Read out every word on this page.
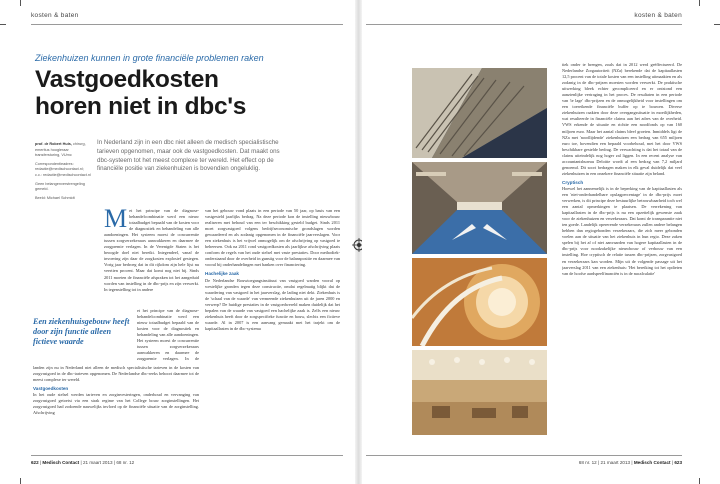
kosten & baten
Ziekenhuizen kunnen in grote financiële problemen raken
Vastgoedkosten
horen niet in dbc's

prof. dr Robert Huis, chirurg, emeritus hoogleraar transfersturing, VUmc

Correspondentieadres: redactie@medischcontact.nl; c.c.: redactie@medischcontact.nl

Geen belangenverstrengeling gemeld.

Beeld: Michael Schmidt

In Nederland zijn in een dbc niet alleen de medisch specialistische tarieven opgenomen, maar ook de vastgoedkosten. Dat maakt ons dbc-systeem tot het meest complexe ter wereld. Het effect op de financiële positie van ziekenhuizen is bovendien ongeluklig.
M et het principe van de diagnose-behandelcombinatie werd een nieuw totaalbudget bepaald van de kosten voor de diagnostiek en behandeling van alle aandoeningen. Het systeem moest de concurrentie tussen zorgverzekeraars aanwakkeren en daarmee de zorgpremie verlagen. In de Verenigde Staten is het beoogde doel niet bereikt. Integendeel, vanaf de invoering zijn daar de zorgkosten explosief gestegen. Vorig jaar bedroeg dat in dit rijkdom zijn hele lijst nu veertien procent. Maar dat komt nog niet bij. Sinds 2011 moeten de financiële afspraken tot het aangeduid worden van instelling in de dbc-prijs en zijn verwerkt. In tegenstelling tot in andere
Een ziekenhuisgebouw heeft door zijn functie alleen fictieve waarde
et het principe van de diagnose-behandelcombinatie werd een nieuw totaalbudget bepaald van de kosten voor de diagnostiek en behandeling van alle aandoeningen. Het systeem moest de concurrentie tussen zorgverzekeraars aanwakkeren en daarmee de zorgpremie verlagen. In de

landen zijn nu in Nederland niet alleen de medisch specialistische tarieven in de kosten van zorgvastgoed in de dbc-tarieven opgenomen. De Nederlandse dbc-reeks behoort daarmee tot de meest complexe ter wereld.

Vastgoedkosten

In het oude stelsel werden tarieven en zorginvesteringen, onderhoud en vervanging van zorgvastgoed getoetst via een strak regime van het College bouw zorginstellingen. Het zorgvastgoed had zodoende nauwelijks invloed op de financiële situatie van de zorginstelling. Afschrijving

van het gebouw vond plaats in een periode van 50 jaar, op basis van een vastgesteld jaarlijks bedrag. Na deze periode kon de instelling nieuwbouw realiseren met behoud van een ter beschikking gesteld budget. Sinds 2011 moet zorgvastgoed volgens bedrijfseconomische grondslagen worden gewaardeerd en als zodanig opgenomen in de financiële jaarverslagen. Voor een ziekenhuis is het vrijwel onmogelijk om de afschrijving op vastgoed te beheersen. Ook na 2011 rond vastgoedkosten als jaarlijkse afschrijving plaats conform de regels van het oude stelsel met vaste prestaties. Door methodiek-onderstaand door de overheid in gunstig voor de balanspositie en daarmee van vooral bij onderhandelingen met banken over financiering.

Hachelijke zaak

De Nederlandse Bouwtoegangsinstituut van vastgoed warden vooral op westelijke gronden tegen deze constructie, omdat regelmatig blijkt dat de waardering van vastgoed in het jaarverslag, de lading niet dekt. Ziekenhuis is de 'schaal van de waarde' van vermeende ziekenhuizen uit de jaren 2000 en verwerp? De huidige prestaties in de vastgoedwereld maken duidelijk dat het bepalen van de waarde van vastgoed een hachelijke zaak is. Zelfs een nieuw ziekenhuis heeft door de zorgspecifieke functie en bouw, slechts een fictieve waarde. Al in 2007 is een aanvang gemaakt met het trajekt om de kapitaallasten in de dbc-systema

622 | Medisch Contact | 21 maart 2013 | 68 nr. 12
kosten & baten

tiek onder te brengen, zoals dat in 2012 werd geëffectueerd. De Nederlandse Zorgautoriteit (NZa) berekende dat de kapitaallasten 12,5 procent van de totale kosten van een instelling uitmaakten en als zodanig in de dbc-prijzen moesten worden verwerkt. De praktische uitwerking bleek echter gecompliceerd en er ontstond een aanzienlijke vertraging in het proces. De resultaten in een periode van 'te lage' dbc-prijzen en de onmogelijkheid voor instellingen om een toereikende financiële buffer op te bouwen. Diverse ziekenhuizen raakten door deze overgangssituatie in moeilijkheden, wat resulteerde in financiële claims aan het adres van de overheid. VWS erkende de situatie en richtte een noodfonds op van 160 miljoen euro. Maar het aantal claims bleef groeien. Inmiddels ligt de NZa met 'noodlijdende' ziekenhuizen een bedrag van 655 miljoen euro toe, bovendien een bepaald voorbehoud, met het door VWS beschikbare gestelde bedrag. De verwachting is dat het totaal van de claims uiteindelijk nog hoger zal liggen. In een recent analyse van accountantsbureau Deloitte wordt al een bedrag van 7,2 miljard genoemd. Dit soort bedragen maken in elk geval duidelijk dat veel ziekenhuizen in een onzekere financiële situatie zijn beland.

Cryptisch

Hoewel het aannemelijk is in de beperking van de kapitaallasten als een 'niet-onderhandelbare opslagpercentage' in de dbc-prijs moet verwerken, is dit principe deze bestuurlijke betrouwbaarheid toch wel een aantal opmerkingen te plaatsen. De verrekening van kapitaallasten in de dbc-prijs is nu een opzettelijk gewenste zaak voor de ziekenhuizen en verzekeraars. Dat komt de transparantie niet ten goede. Landelijk opererende verzekeraars zullen andere belangen hebben dan regiogebonden verzekeraars, die zich meer gebonden voelen aan de situatie van het ziekenhuis in hun regio. Deze zaken spelen bij het af of niet aanvaarden van hogere kapitaallasten in de dbc-prijs voor noodzakelijke nieuwbouw of verbouw van een instelling. Hoe cryptisch de relatie tussen dbc-prijzen, zorgvastgoed en verzekeraars kan worden. Mijn uit de volgende passage uit het jaarverslag 2011 van een ziekenhuis: 'Het bereiking tot het opdieten van de hoofse aardspeelfinanciën is in de nacalculatie'

68 nr. 12 | 21 maart 2013 | Medisch Contact | 623
